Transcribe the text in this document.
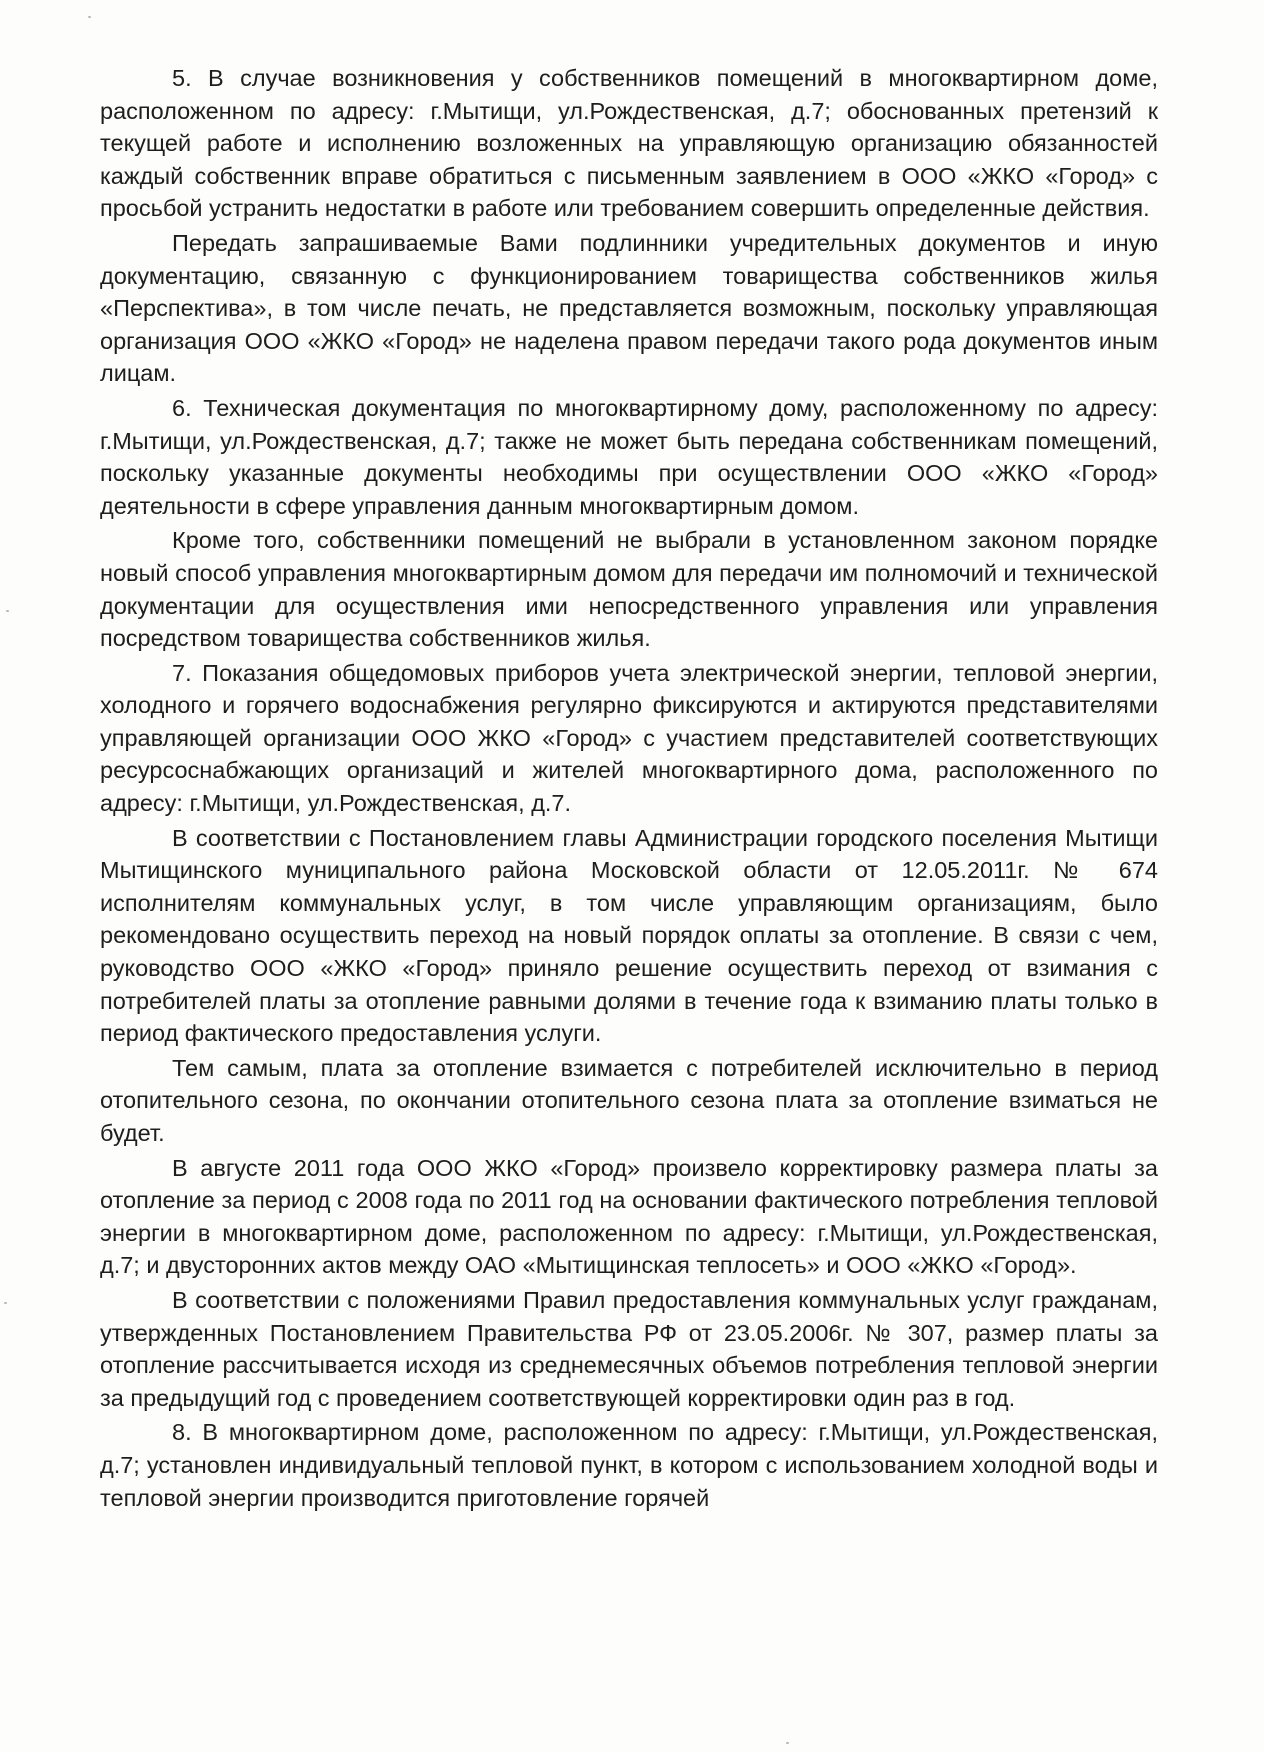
5. В случае возникновения у собственников помещений в многоквартирном доме, расположенном по адресу: г.Мытищи, ул.Рождественская, д.7; обоснованных претензий к текущей работе и исполнению возложенных на управляющую организацию обязанностей каждый собственник вправе обратиться с письменным заявлением в ООО «ЖКО «Город» с просьбой устранить недостатки в работе или требованием совершить определенные действия.

Передать запрашиваемые Вами подлинники учредительных документов и иную документацию, связанную с функционированием товарищества собственников жилья «Перспектива», в том числе печать, не представляется возможным, поскольку управляющая организация ООО «ЖКО «Город» не наделена правом передачи такого рода документов иным лицам.

6. Техническая документация по многоквартирному дому, расположенному по адресу: г.Мытищи, ул.Рождественская, д.7; также не может быть передана собственникам помещений, поскольку указанные документы необходимы при осуществлении ООО «ЖКО «Город» деятельности в сфере управления данным многоквартирным домом.

Кроме того, собственники помещений не выбрали в установленном законом порядке новый способ управления многоквартирным домом для передачи им полномочий и технической документации для осуществления ими непосредственного управления или управления посредством товарищества собственников жилья.

7. Показания общедомовых приборов учета электрической энергии, тепловой энергии, холодного и горячего водоснабжения регулярно фиксируются и актируются представителями управляющей организации ООО ЖКО «Город» с участием представителей соответствующих ресурсоснабжающих организаций и жителей многоквартирного дома, расположенного по адресу: г.Мытищи, ул.Рождественская, д.7.

В соответствии с Постановлением главы Администрации городского поселения Мытищи Мытищинского муниципального района Московской области от 12.05.2011г. № 674 исполнителям коммунальных услуг, в том числе управляющим организациям, было рекомендовано осуществить переход на новый порядок оплаты за отопление. В связи с чем, руководство ООО «ЖКО «Город» приняло решение осуществить переход от взимания с потребителей платы за отопление равными долями в течение года к взиманию платы только в период фактического предоставления услуги.

Тем самым, плата за отопление взимается с потребителей исключительно в период отопительного сезона, по окончании отопительного сезона плата за отопление взиматься не будет.

В августе 2011 года ООО ЖКО «Город» произвело корректировку размера платы за отопление за период с 2008 года по 2011 год на основании фактического потребления тепловой энергии в многоквартирном доме, расположенном по адресу: г.Мытищи, ул.Рождественская, д.7; и двусторонних актов между ОАО «Мытищинская теплосеть» и ООО «ЖКО «Город».

В соответствии с положениями Правил предоставления коммунальных услуг гражданам, утвержденных Постановлением Правительства РФ от 23.05.2006г. № 307, размер платы за отопление рассчитывается исходя из среднемесячных объемов потребления тепловой энергии за предыдущий год с проведением соответствующей корректировки один раз в год.

8. В многоквартирном доме, расположенном по адресу: г.Мытищи, ул.Рождественская, д.7; установлен индивидуальный тепловой пункт, в котором с использованием холодной воды и тепловой энергии производится приготовление горячей
